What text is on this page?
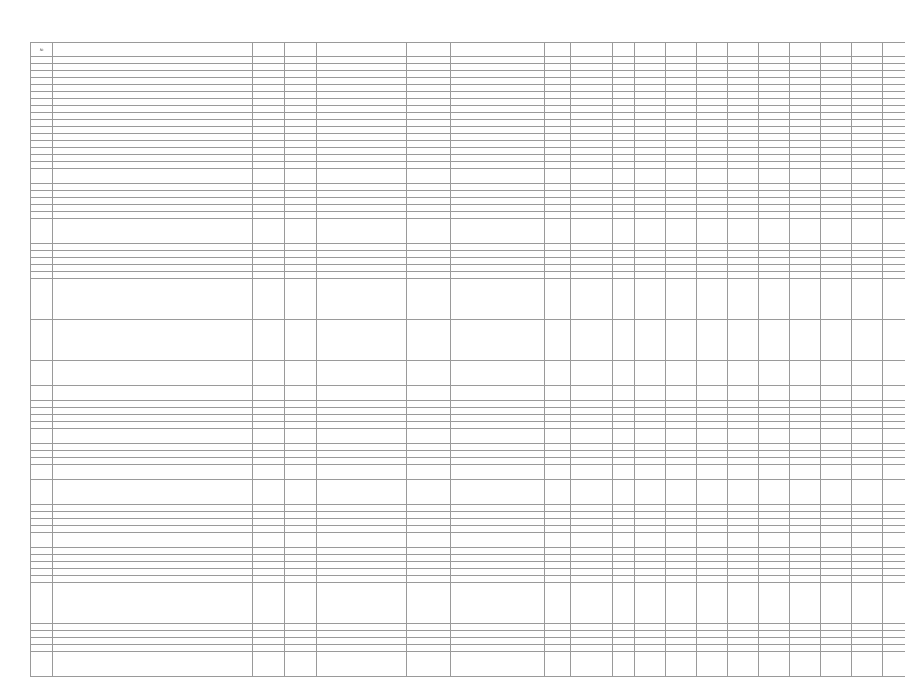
№																				
